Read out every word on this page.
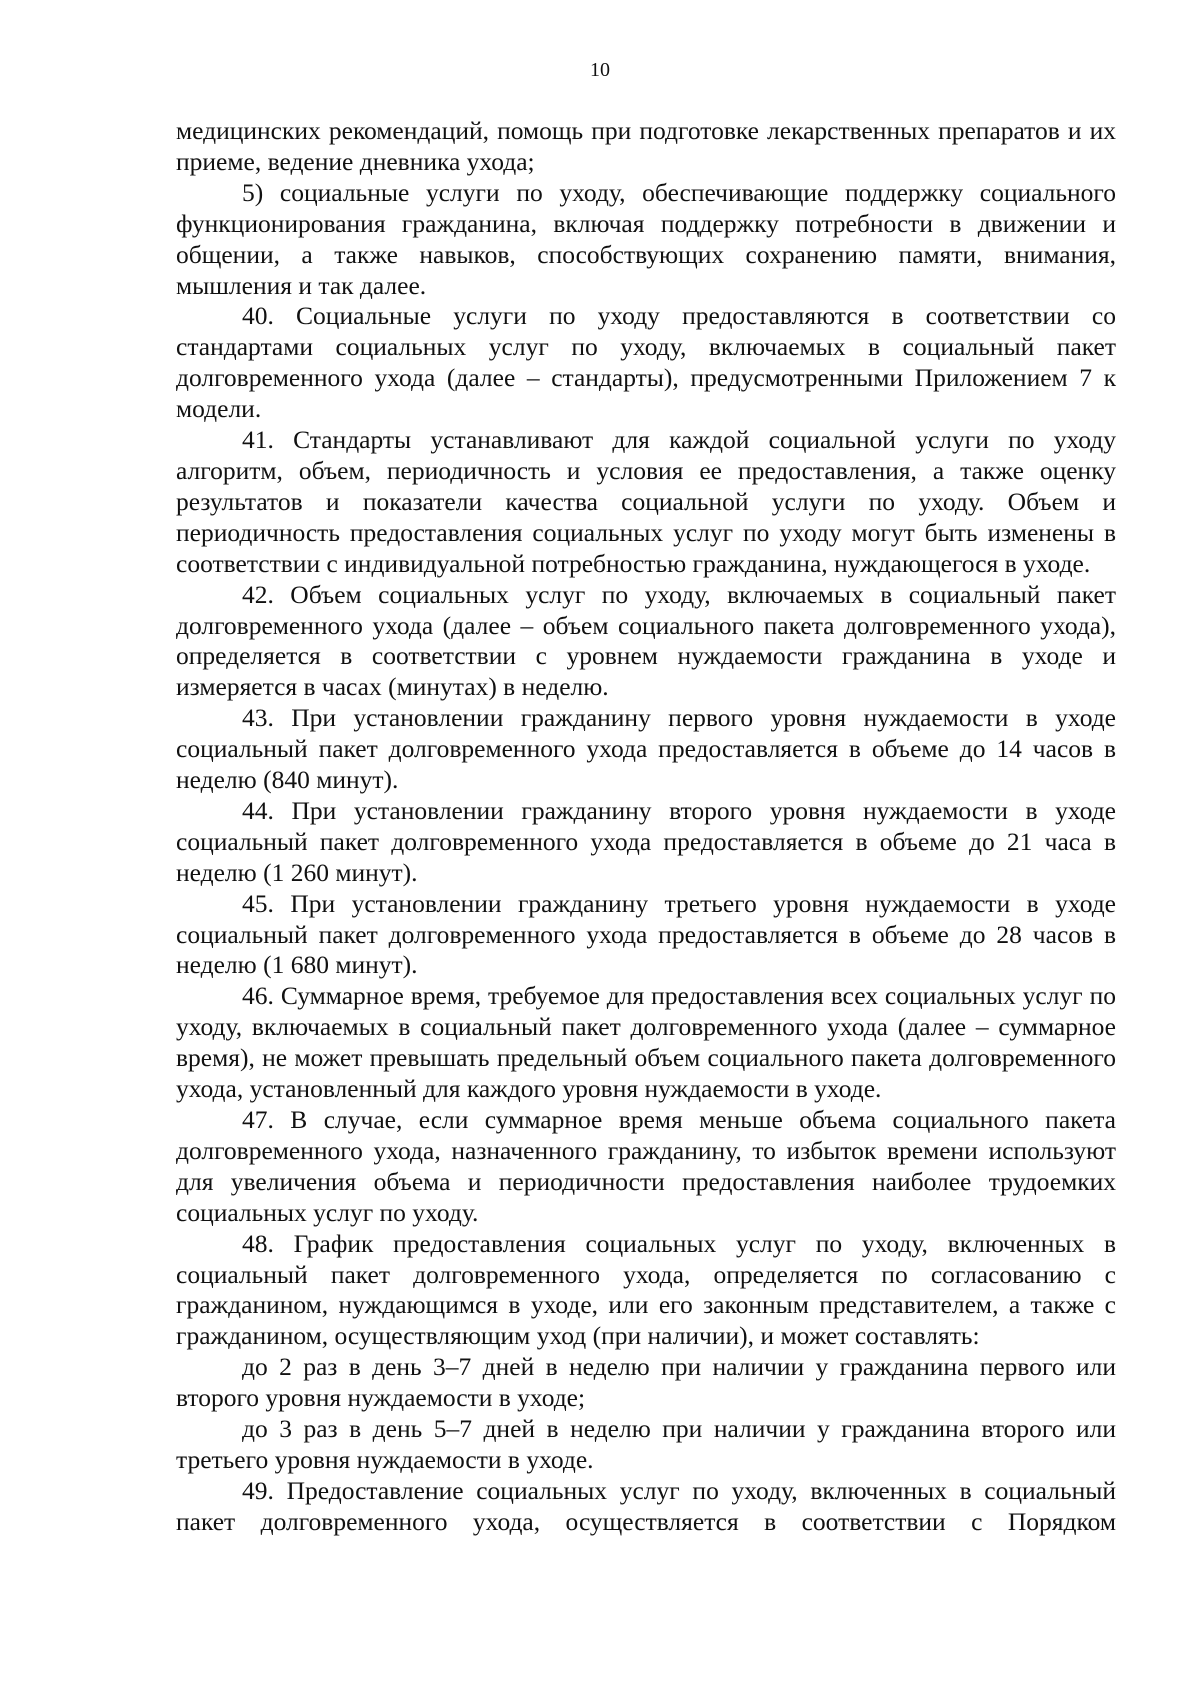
10

медицинских рекомендаций, помощь при подготовке лекарственных препаратов и их приеме, ведение дневника ухода;

5) социальные услуги по уходу, обеспечивающие поддержку социального функционирования гражданина, включая поддержку потребности в движении и общении, а также навыков, способствующих сохранению памяти, внимания, мышления и так далее.

40. Социальные услуги по уходу предоставляются в соответствии со стандартами социальных услуг по уходу, включаемых в социальный пакет долговременного ухода (далее – стандарты), предусмотренными Приложением 7 к модели.

41. Стандарты устанавливают для каждой социальной услуги по уходу алгоритм, объем, периодичность и условия ее предоставления, а также оценку результатов и показатели качества социальной услуги по уходу. Объем и периодичность предоставления социальных услуг по уходу могут быть изменены в соответствии с индивидуальной потребностью гражданина, нуждающегося в уходе.

42. Объем социальных услуг по уходу, включаемых в социальный пакет долговременного ухода (далее – объем социального пакета долговременного ухода), определяется в соответствии с уровнем нуждаемости гражданина в уходе и измеряется в часах (минутах) в неделю.

43. При установлении гражданину первого уровня нуждаемости в уходе социальный пакет долговременного ухода предоставляется в объеме до 14 часов в неделю (840 минут).

44. При установлении гражданину второго уровня нуждаемости в уходе социальный пакет долговременного ухода предоставляется в объеме до 21 часа в неделю (1 260 минут).

45. При установлении гражданину третьего уровня нуждаемости в уходе социальный пакет долговременного ухода предоставляется в объеме до 28 часов в неделю (1 680 минут).

46. Суммарное время, требуемое для предоставления всех социальных услуг по уходу, включаемых в социальный пакет долговременного ухода (далее – суммарное время), не может превышать предельный объем социального пакета долговременного ухода, установленный для каждого уровня нуждаемости в уходе.

47. В случае, если суммарное время меньше объема социального пакета долговременного ухода, назначенного гражданину, то избыток времени используют для увеличения объема и периодичности предоставления наиболее трудоемких социальных услуг по уходу.

48. График предоставления социальных услуг по уходу, включенных в социальный пакет долговременного ухода, определяется по согласованию с гражданином, нуждающимся в уходе, или его законным представителем, а также с гражданином, осуществляющим уход (при наличии), и может составлять:

до 2 раз в день 3–7 дней в неделю при наличии у гражданина первого или второго уровня нуждаемости в уходе;

до 3 раз в день 5–7 дней в неделю при наличии у гражданина второго или третьего уровня нуждаемости в уходе.

49. Предоставление социальных услуг по уходу, включенных в социальный пакет долговременного ухода, осуществляется в соответствии с Порядком
